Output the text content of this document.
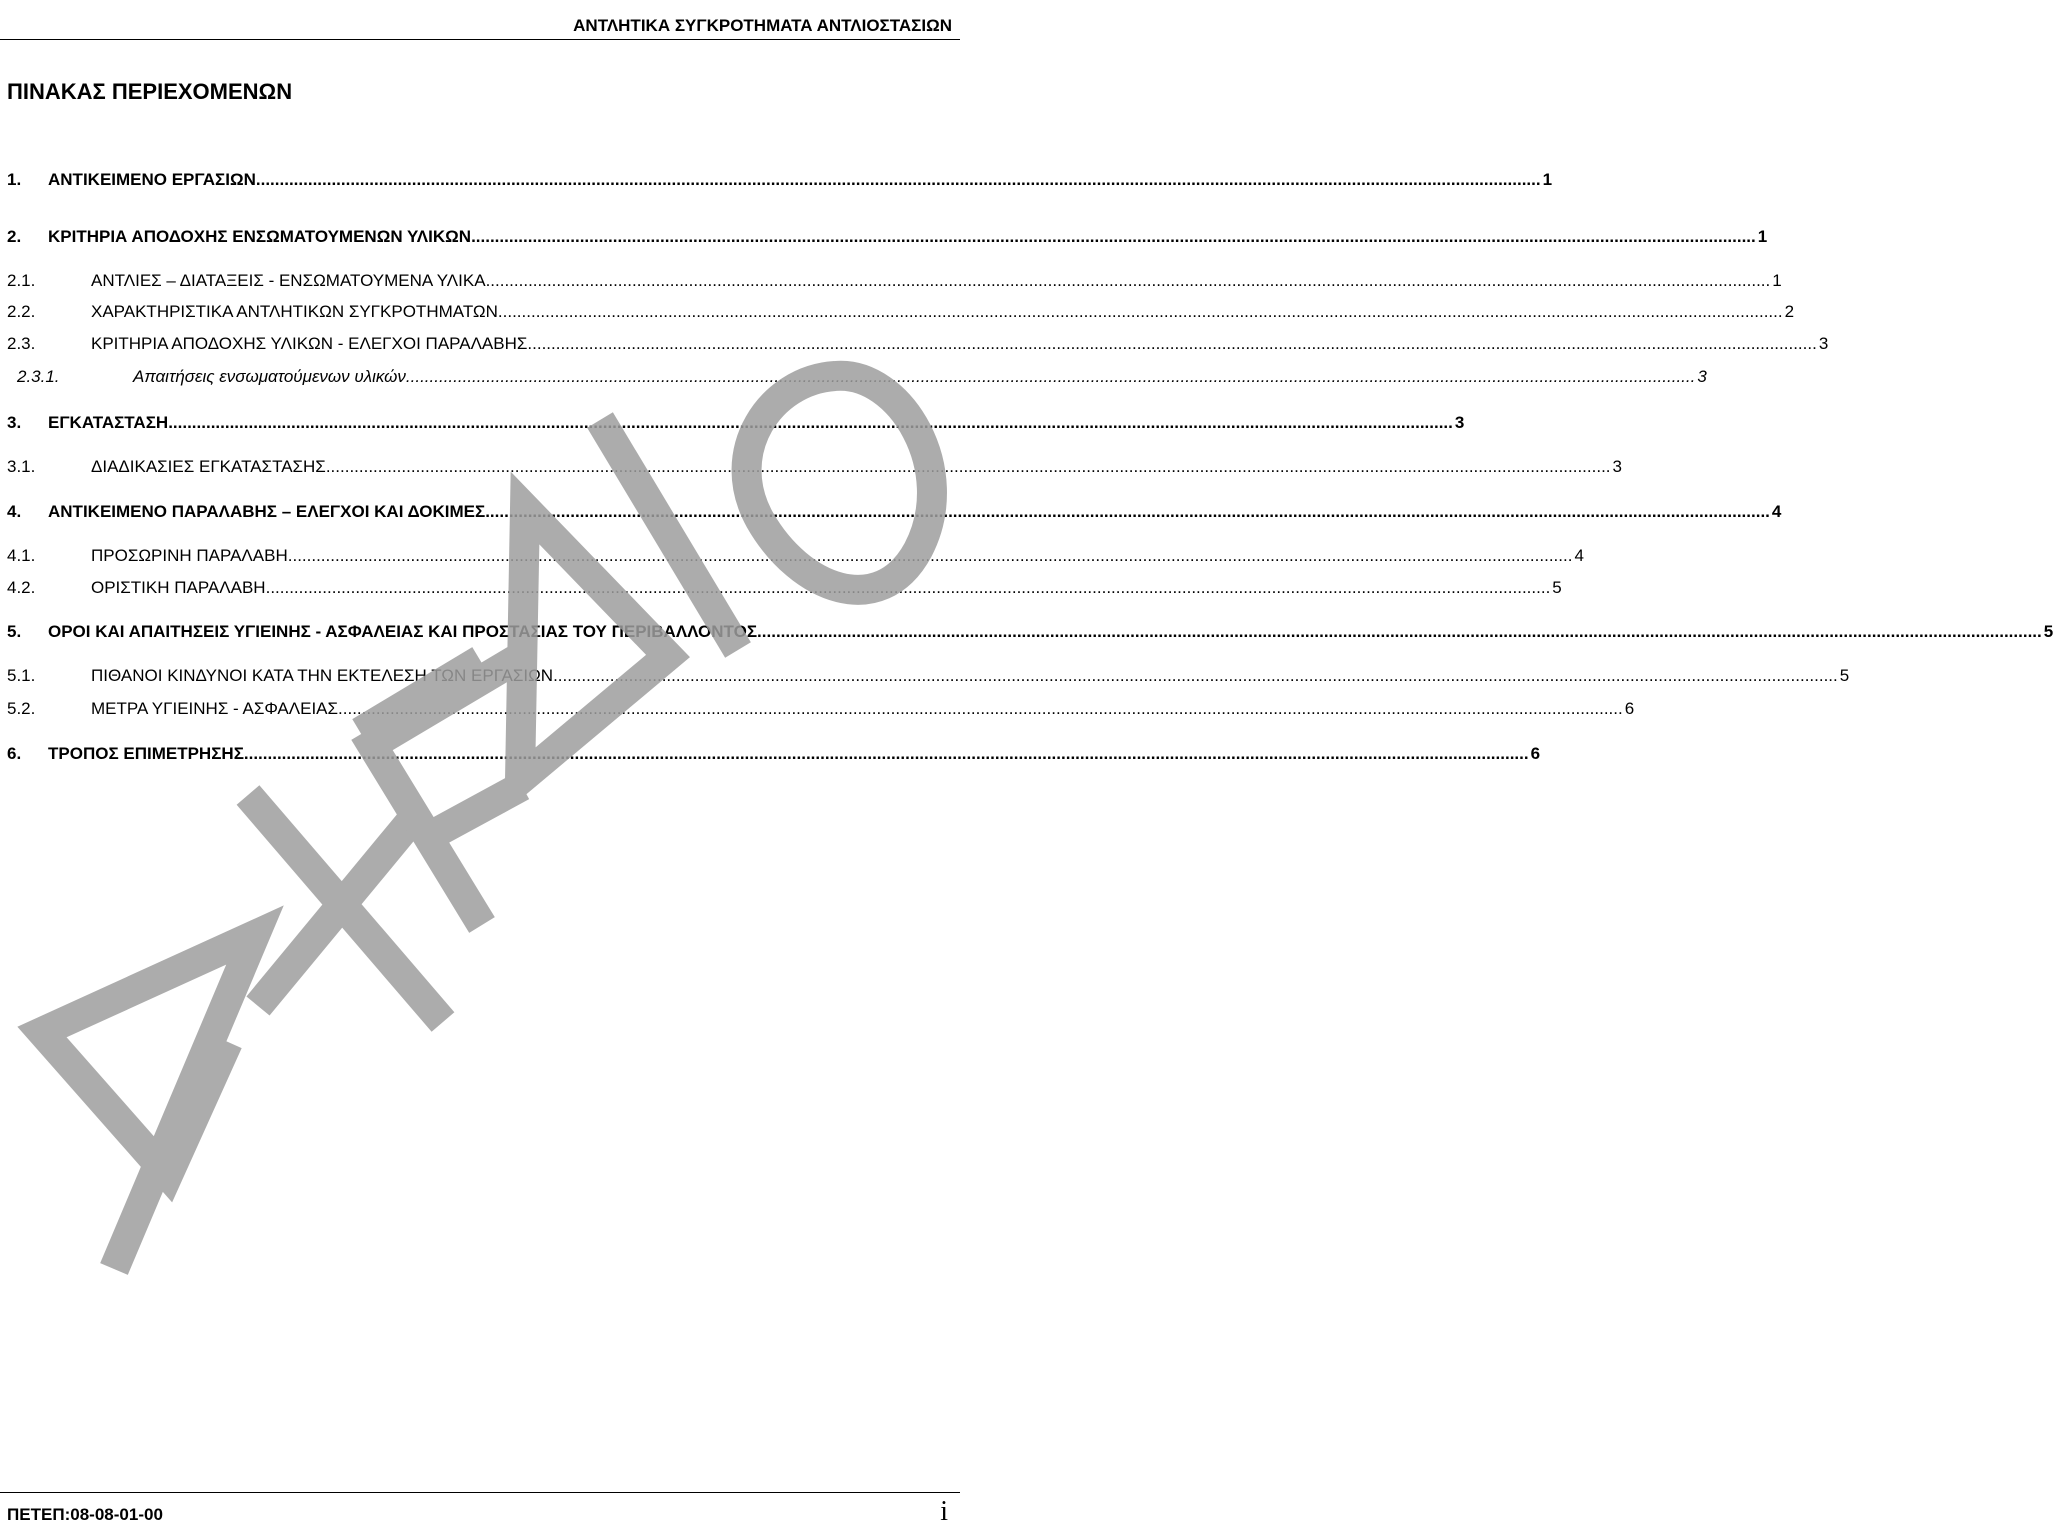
ΑΝΤΛΗΤΙΚΑ ΣΥΓΚΡΟΤΗΜΑΤΑ ΑΝΤΛΙΟΣΤΑΣΙΩΝ
ΠΙΝΑΚΑΣ ΠΕΡΙΕΧΟΜΕΝΩΝ
1. ΑΝΤΙΚΕΙΜΕΝΟ ΕΡΓΑΣΙΩΝ .....	1
2. ΚΡΙΤΗΡΙΑ ΑΠΟΔΟΧΗΣ ΕΝΣΩΜΑΤΟΥΜΕΝΩΝ ΥΛΙΚΩΝ .....	1
2.1.	ΑΝΤΛΙΕΣ – ΔΙΑΤΑΞΕΙΣ - ΕΝΣΩΜΑΤΟΥΜΕΝΑ ΥΛΙΚΑ .....	1
2.2.	ΧΑΡΑΚΤΗΡΙΣΤΙΚΑ ΑΝΤΛΗΤΙΚΩΝ ΣΥΓΚΡΟΤΗΜΑΤΩΝ .....	2
2.3.	ΚΡΙΤΗΡΙΑ ΑΠΟΔΟΧΗΣ ΥΛΙΚΩΝ - ΕΛΕΓΧΟΙ ΠΑΡΑΛΑΒΗΣ. .....	3
2.3.1.	Απαιτήσεις ενσωματούμενων υλικών. .....	3
3. ΕΓΚΑΤΑΣΤΑΣΗ .....	3
3.1.	ΔΙΑΔΙΚΑΣΙΕΣ ΕΓΚΑΤΑΣΤΑΣΗΣ .....	3
4. ΑΝΤΙΚΕΙΜΕΝΟ ΠΑΡΑΛΑΒΗΣ – ΕΛΕΓΧΟΙ ΚΑΙ ΔΟΚΙΜΕΣ .....	4
4.1.	ΠΡΟΣΩΡΙΝΗ ΠΑΡΑΛΑΒΗ .....	4
4.2.	ΟΡΙΣΤΙΚΗ ΠΑΡΑΛΑΒΗ .....	5
5. ΟΡΟΙ ΚΑΙ ΑΠΑΙΤΗΣΕΙΣ ΥΓΙΕΙΝΗΣ - ΑΣΦΑΛΕΙΑΣ ΚΑΙ ΠΡΟΣΤΑΣΙΑΣ ΤΟΥ ΠΕΡΙΒΑΛΛΟΝΤΟΣ .....	5
5.1.	ΠΙΘΑΝΟΙ ΚΙΝΔΥΝΟΙ ΚΑΤΑ ΤΗΝ ΕΚΤΕΛΕΣΗ ΤΩΝ ΕΡΓΑΣΙΩΝ .....	5
5.2.	ΜΕΤΡΑ ΥΓΙΕΙΝΗΣ - ΑΣΦΑΛΕΙΑΣ .....	6
6. ΤΡΟΠΟΣ ΕΠΙΜΕΤΡΗΣΗΣ .....	6
ΠΕΤΕΠ:08-08-01-00	i
